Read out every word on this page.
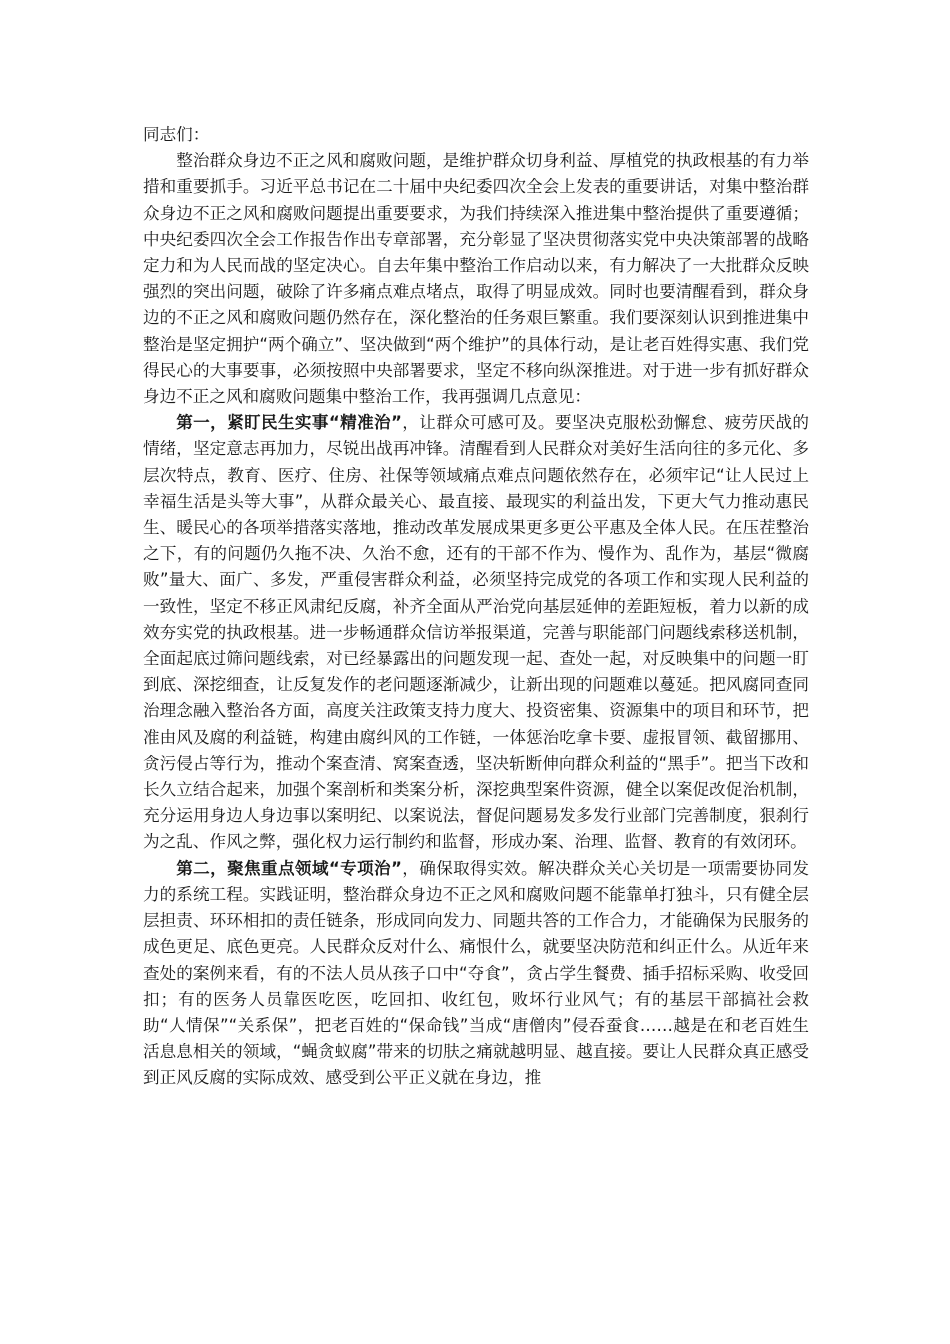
同志们：

整治群众身边不正之风和腐败问题，是维护群众切身利益、厚植党的执政根基的有力举措和重要抓手。习近平总书记在二十届中央纪委四次全会上发表的重要讲话，对集中整治群众身边不正之风和腐败问题提出重要要求，为我们持续深入推进集中整治提供了重要遵循；中央纪委四次全会工作报告作出专章部署，充分彰显了坚决贯彻落实党中央决策部署的战略定力和为人民而战的坚定决心。自去年集中整治工作启动以来，有力解决了一大批群众反映强烈的突出问题，破除了许多痛点难点堵点，取得了明显成效。同时也要清醒看到，群众身边的不正之风和腐败问题仍然存在，深化整治的任务艰巨繁重。我们要深刻认识到推进集中整治是坚定拥护“两个确立”、坚决做到“两个维护”的具体行动，是让老百姓得实惠、我们党得民心的大事要事，必须按照中央部署要求，坚定不移向纵深推进。对于进一步有抓好群众身边不正之风和腐败问题集中整治工作，我再强调几点意见：

第一，紧盯民生实事“精准治”，让群众可感可及。要坚决克服松劲懈怠、疲劳厌战的情绪，坚定意志再加力，尽锐出战再冲锋。清醒看到人民群众对美好生活向往的多元化、多层次特点，教育、医疗、住房、社保等领域痛点难点问题依然存在，必须牢记“让人民过上幸福生活是头等大事”，从群众最关心、最直接、最现实的利益出发，下更大气力推动惠民生、暖民心的各项举措落实落地，推动改革发展成果更多更公平惠及全体人民。在压茬整治之下，有的问题仍久拖不决、久治不愈，还有的干部不作为、慢作为、乱作为，基层“微腐败”量大、面广、多发，严重侵害群众利益，必须坚持完成党的各项工作和实现人民利益的一致性，坚定不移正风肃纪反腐，补齐全面从严治党向基层延伸的差距短板，着力以新的成效夯实党的执政根基。进一步畅通群众信访举报渠道，完善与职能部门问题线索移送机制，全面起底过筛问题线索，对已经暴露出的问题发现一起、查处一起，对反映集中的问题一盯到底、深挖细查，让反复发作的老问题逐渐减少，让新出现的问题难以蔓延。把风腐同查同治理念融入整治各方面，高度关注政策支持力度大、投资密集、资源集中的项目和环节，把准由风及腐的利益链，构建由腐纠风的工作链，一体惩治吃拿卡要、虚报冒领、截留挪用、贪污侵占等行为，推动个案查清、窝案查透，坚决斩断伸向群众利益的“黑手”。把当下改和长久立结合起来，加强个案剖析和类案分析，深挖典型案件资源，健全以案促改促治机制，充分运用身边人身边事以案明纪、以案说法，督促问题易发多发行业部门完善制度，狠刹行为之乱、作风之弊，强化权力运行制约和监督，形成办案、治理、监督、教育的有效闭环。

第二，聚焦重点领域“专项治”，确保取得实效。解决群众关心关切是一项需要协同发力的系统工程。实践证明，整治群众身边不正之风和腐败问题不能靠单打独斗，只有健全层层担责、环环相扣的责任链条，形成同向发力、同题共答的工作合力，才能确保为民服务的成色更足、底色更亮。人民群众反对什么、痛恨什么，就要坚决防范和纠正什么。从近年来查处的案例来看，有的不法人员从孩子口中“夺食”，贪占学生餐费、插手招标采购、收受回扣；有的医务人员靠医吃医，吃回扣、收红包，败坏行业风气；有的基层干部搞社会救助“人情保”“关系保”，把老百姓的“保命钱”当成“唐僧肉”侵吞蚕食……越是在和老百姓生活息息相关的领域，“蝇贪蚁腐”带来的切肤之痛就越明显、越直接。要让人民群众真正感受到正风反腐的实际成效、感受到公平正义就在身边，推
